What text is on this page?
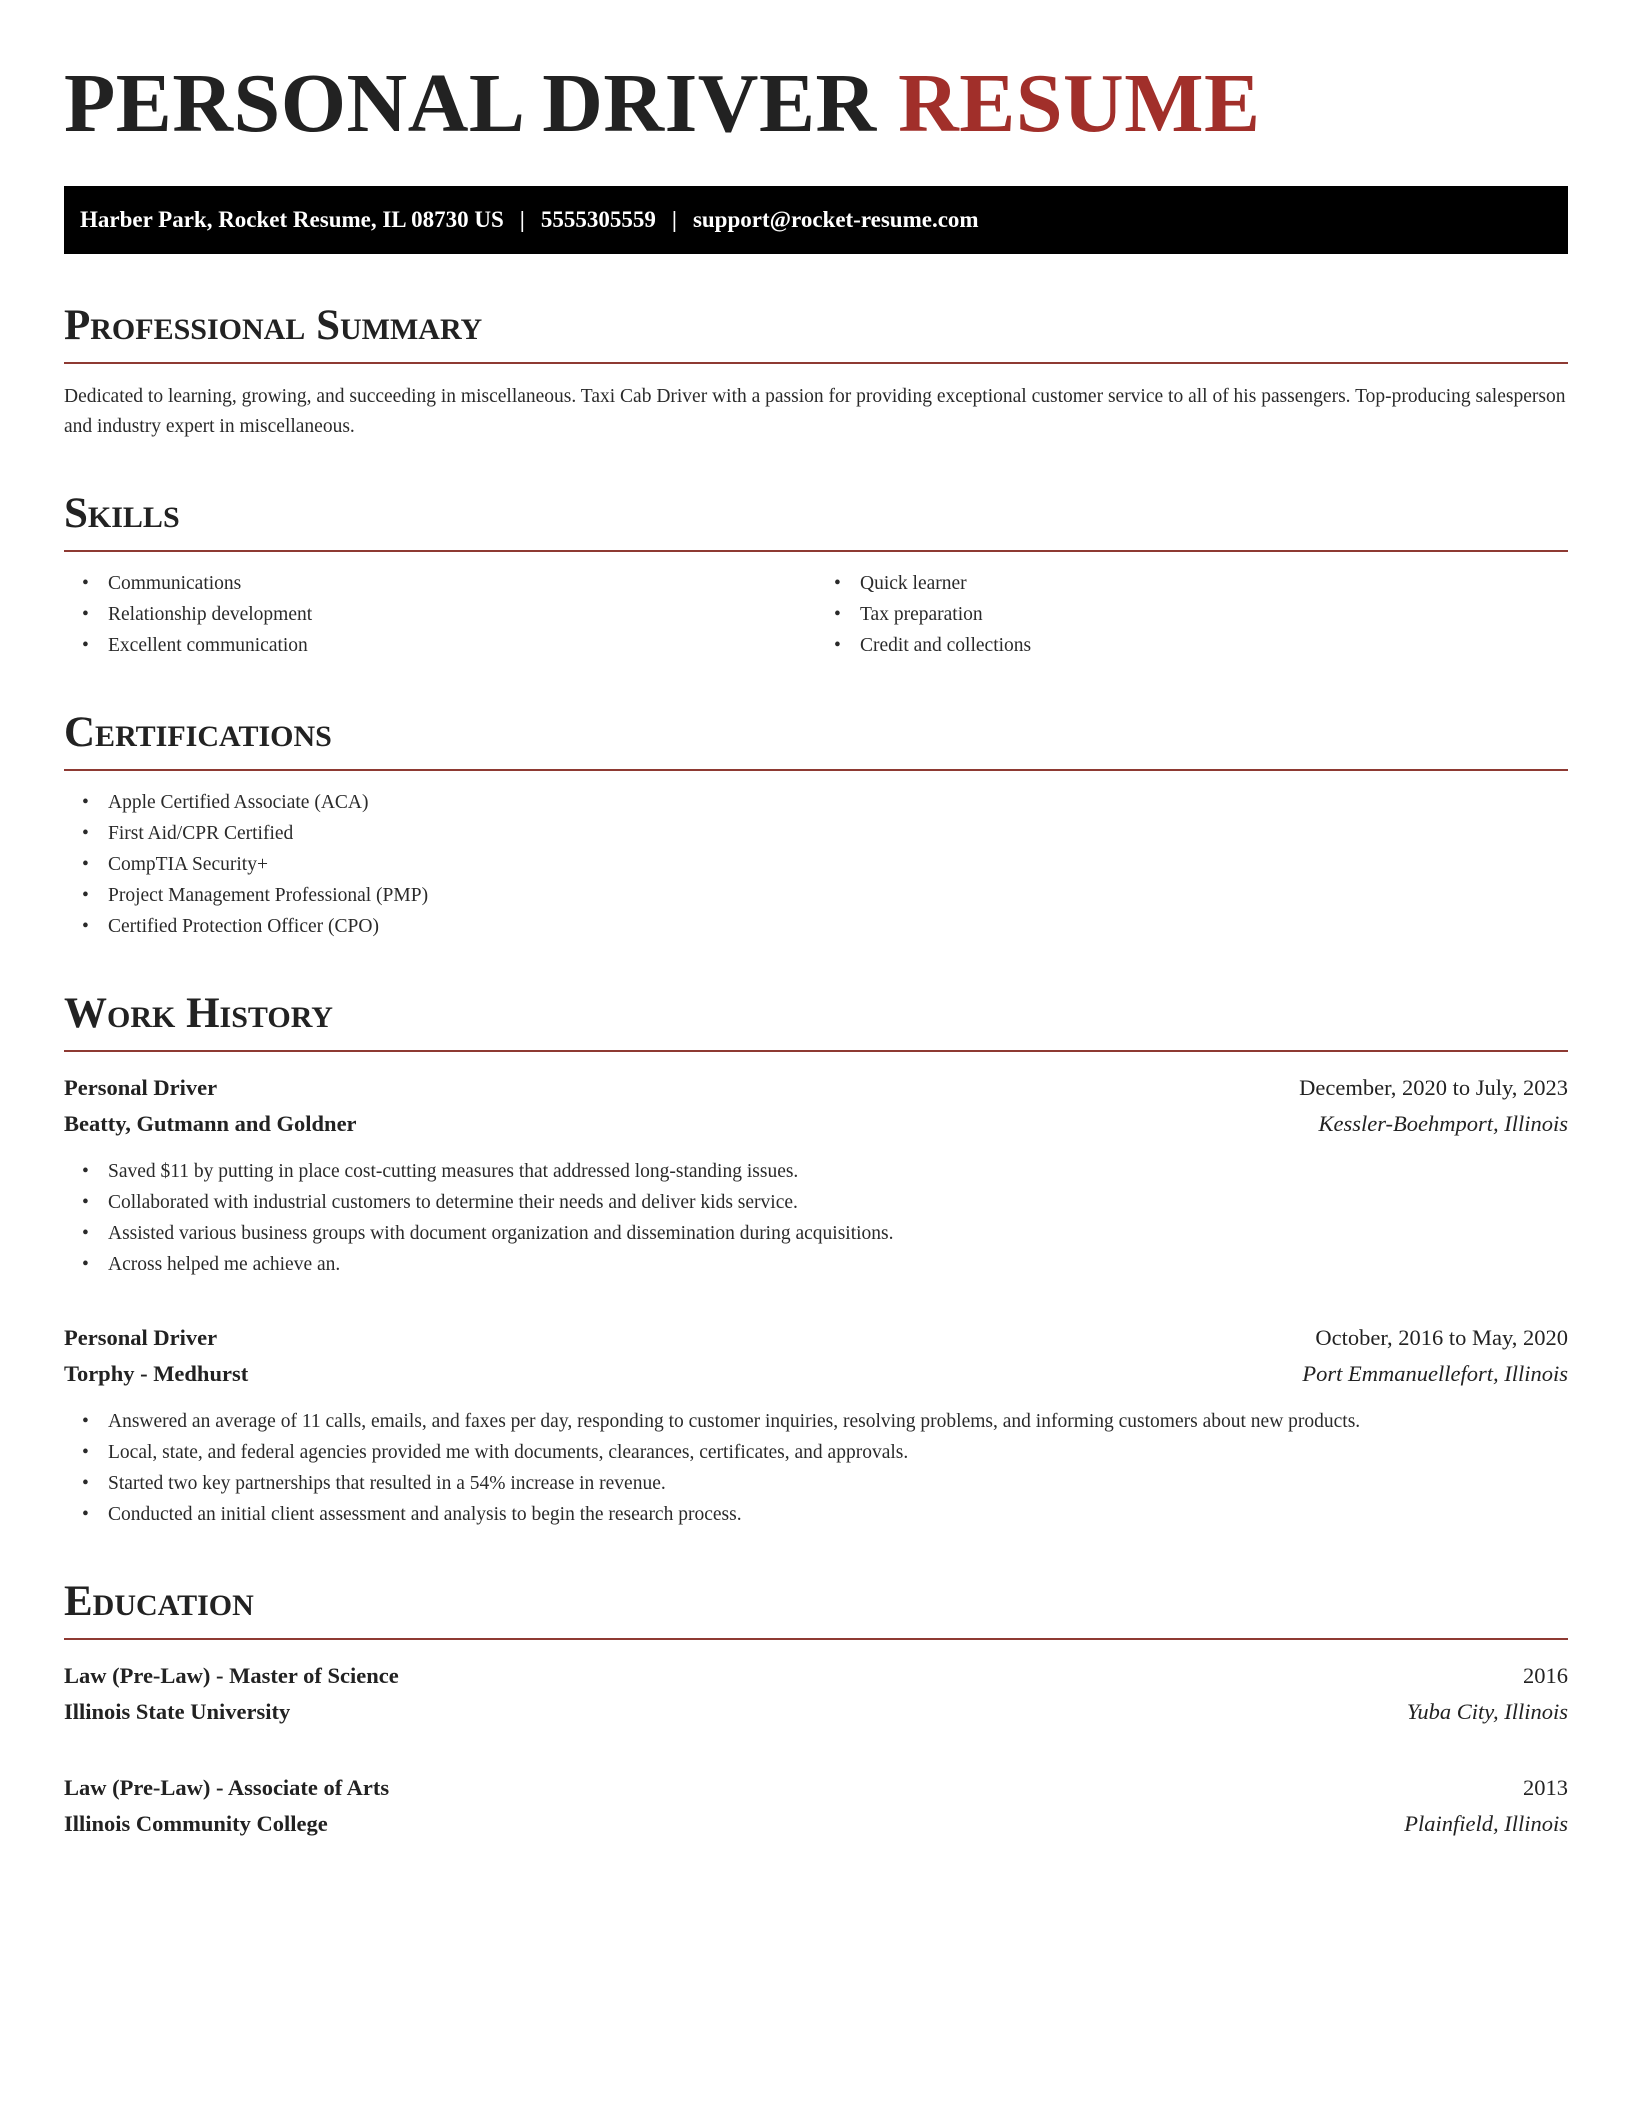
PERSONAL DRIVER RESUME
Harber Park, Rocket Resume, IL 08730 US | 5555305559 | support@rocket-resume.com
Professional Summary

Dedicated to learning, growing, and succeeding in miscellaneous. Taxi Cab Driver with a passion for providing exceptional customer service to all of his passengers. Top-producing salesperson and industry expert in miscellaneous.

Skills
• Communications
• Relationship development
• Excellent communication
• Quick learner
• Tax preparation
• Credit and collections
Certifications
• Apple Certified Associate (ACA)
• First Aid/CPR Certified
• CompTIA Security+
• Project Management Professional (PMP)
• Certified Protection Officer (CPO)
Work History
Personal Driver	December, 2020 to July, 2023
Beatty, Gutmann and Goldner	Kessler-Boehmport, Illinois
• Saved $11 by putting in place cost-cutting measures that addressed long-standing issues.
• Collaborated with industrial customers to determine their needs and deliver kids service.
• Assisted various business groups with document organization and dissemination during acquisitions.
• Across helped me achieve an.
Personal Driver	October, 2016 to May, 2020
Torphy - Medhurst	Port Emmanuellefort, Illinois
• Answered an average of 11 calls, emails, and faxes per day, responding to customer inquiries, resolving problems, and informing customers about new products.
• Local, state, and federal agencies provided me with documents, clearances, certificates, and approvals.
• Started two key partnerships that resulted in a 54% increase in revenue.
• Conducted an initial client assessment and analysis to begin the research process.
Education
Law (Pre-Law) - Master of Science	2016
Illinois State University	Yuba City, Illinois
Law (Pre-Law) - Associate of Arts	2013
Illinois Community College	Plainfield, Illinois
